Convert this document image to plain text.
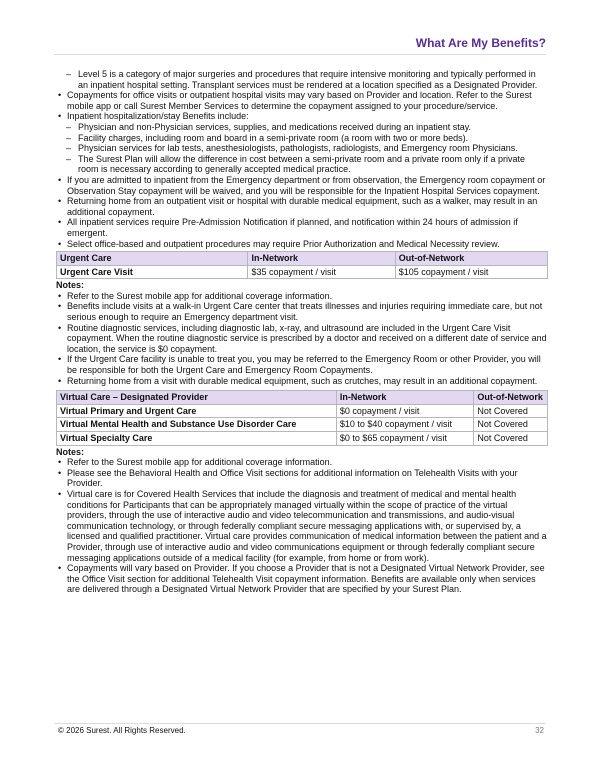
What Are My Benefits?
– Level 5 is a category of major surgeries and procedures that require intensive monitoring and typically performed in an inpatient hospital setting. Transplant services must be rendered at a location specified as a Designated Provider.
• Copayments for office visits or outpatient hospital visits may vary based on Provider and location. Refer to the Surest mobile app or call Surest Member Services to determine the copayment assigned to your procedure/service.
• Inpatient hospitalization/stay Benefits include:
– Physician and non-Physician services, supplies, and medications received during an inpatient stay.
– Facility charges, including room and board in a semi-private room (a room with two or more beds).
– Physician services for lab tests, anesthesiologists, pathologists, radiologists, and Emergency room Physicians.
– The Surest Plan will allow the difference in cost between a semi-private room and a private room only if a private room is necessary according to generally accepted medical practice.
• If you are admitted to inpatient from the Emergency department or from observation, the Emergency room copayment or Observation Stay copayment will be waived, and you will be responsible for the Inpatient Hospital Services copayment.
• Returning home from an outpatient visit or hospital with durable medical equipment, such as a walker, may result in an additional copayment.
• All inpatient services require Pre-Admission Notification if planned, and notification within 24 hours of admission if emergent.
• Select office-based and outpatient procedures may require Prior Authorization and Medical Necessity review.
Urgent Care	In-Network	Out-of-Network
Urgent Care Visit	$35 copayment / visit	$105 copayment / visit
Notes:
• Refer to the Surest mobile app for additional coverage information.
• Benefits include visits at a walk-in Urgent Care center that treats illnesses and injuries requiring immediate care, but not serious enough to require an Emergency department visit.
• Routine diagnostic services, including diagnostic lab, x-ray, and ultrasound are included in the Urgent Care Visit copayment. When the routine diagnostic service is prescribed by a doctor and received on a different date of service and location, the service is $0 copayment.
• If the Urgent Care facility is unable to treat you, you may be referred to the Emergency Room or other Provider, you will be responsible for both the Urgent Care and Emergency Room Copayments.
• Returning home from a visit with durable medical equipment, such as crutches, may result in an additional copayment.
Virtual Care – Designated Provider	In-Network	Out-of-Network
Virtual Primary and Urgent Care	$0 copayment / visit	Not Covered
Virtual Mental Health and Substance Use Disorder Care	$10 to $40 copayment / visit	Not Covered
Virtual Specialty Care	$0 to $65 copayment / visit	Not Covered
Notes:
• Refer to the Surest mobile app for additional coverage information.
• Please see the Behavioral Health and Office Visit sections for additional information on Telehealth Visits with your Provider.
• Virtual care is for Covered Health Services that include the diagnosis and treatment of medical and mental health conditions for Participants that can be appropriately managed virtually within the scope of practice of the virtual providers, through the use of interactive audio and video telecommunication and transmissions, and audio-visual communication technology, or through federally compliant secure messaging applications with, or supervised by, a licensed and qualified practitioner. Virtual care provides communication of medical information between the patient and a Provider, through use of interactive audio and video communications equipment or through federally compliant secure messaging applications outside of a medical facility (for example, from home or from work).
• Copayments will vary based on Provider. If you choose a Provider that is not a Designated Virtual Network Provider, see the Office Visit section for additional Telehealth Visit copayment information. Benefits are available only when services are delivered through a Designated Virtual Network Provider that are specified by your Surest Plan.
© 2026 Surest. All Rights Reserved.	32
